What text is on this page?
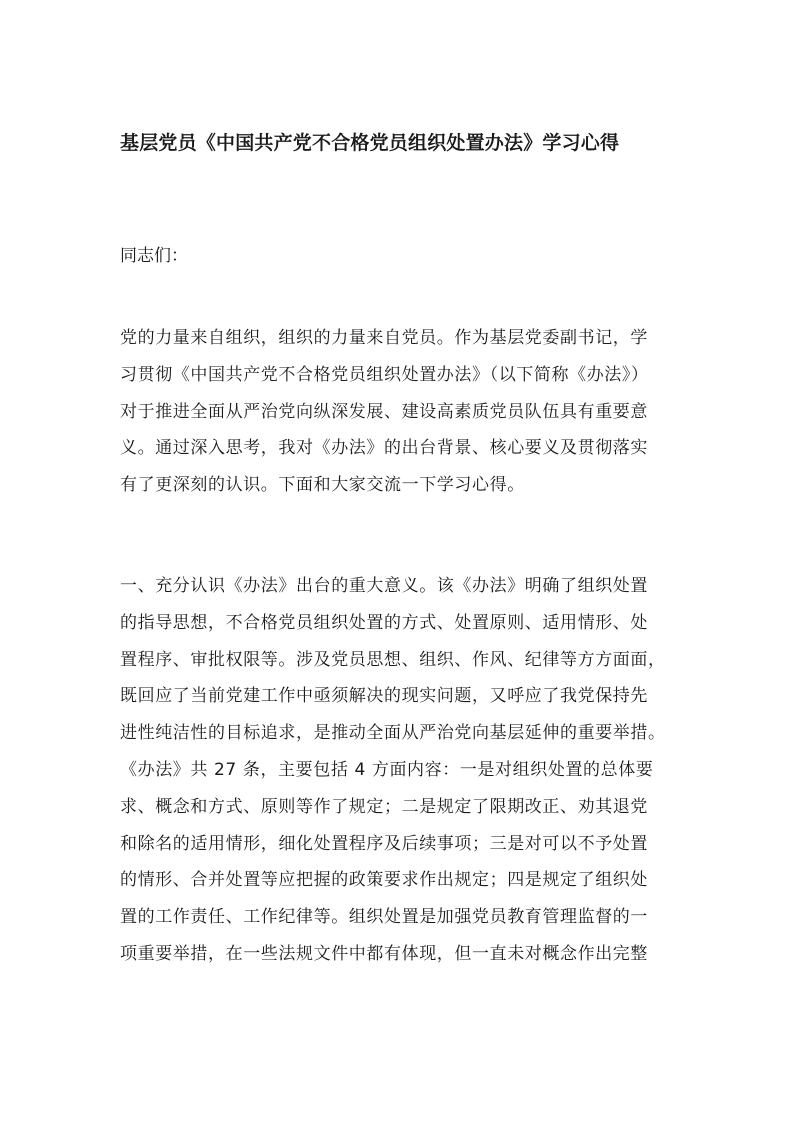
基层党员《中国共产党不合格党员组织处置办法》学习心得
同志们：
党的力量来自组织，组织的力量来自党员。作为基层党委副书记，学
习贯彻《中国共产党不合格党员组织处置办法》（以下简称《办法》）
对于推进全面从严治党向纵深发展、建设高素质党员队伍具有重要意
义。通过深入思考，我对《办法》的出台背景、核心要义及贯彻落实
有了更深刻的认识。下面和大家交流一下学习心得。
一、充分认识《办法》出台的重大意义。该《办法》明确了组织处置
的指导思想，不合格党员组织处置的方式、处置原则、适用情形、处
置程序、审批权限等。涉及党员思想、组织、作风、纪律等方方面面，
既回应了当前党建工作中亟须解决的现实问题，又呼应了我党保持先
进性纯洁性的目标追求，是推动全面从严治党向基层延伸的重要举措。
《办法》共 27 条，主要包括 4 方面内容：一是对组织处置的总体要
求、概念和方式、原则等作了规定；二是规定了限期改正、劝其退党
和除名的适用情形，细化处置程序及后续事项；三是对可以不予处置
的情形、合并处置等应把握的政策要求作出规定；四是规定了组织处
置的工作责任、工作纪律等。组织处置是加强党员教育管理监督的一
项重要举措，在一些法规文件中都有体现，但一直未对概念作出完整
